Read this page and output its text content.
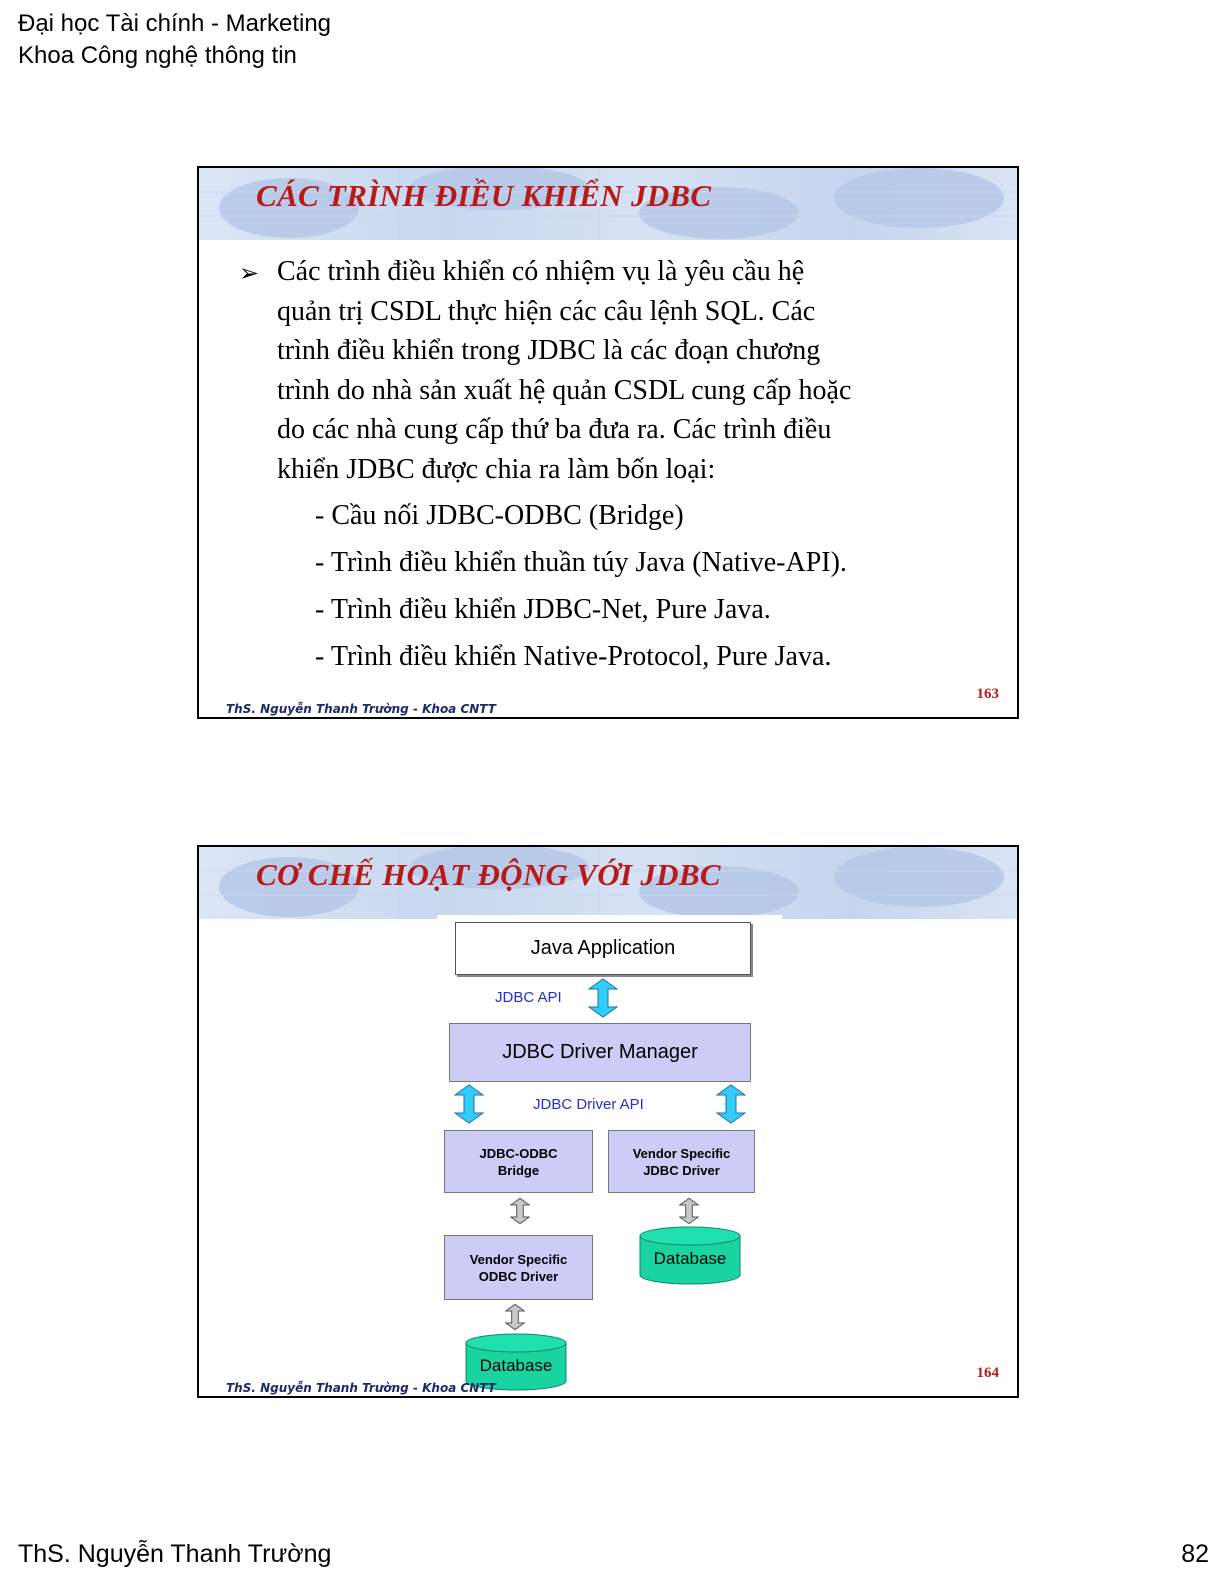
Đại học Tài chính - Marketing
Khoa Công nghệ thông tin
CÁC TRÌNH ĐIỀU KHIỂN JDBC
➢ Các trình điều khiển có nhiệm vụ là yêu cầu hệ
quản trị CSDL thực hiện các câu lệnh SQL. Các
trình điều khiển trong JDBC là các đoạn chương
trình do nhà sản xuất hệ quản CSDL cung cấp hoặc
do các nhà cung cấp thứ ba đưa ra. Các trình điều
khiển JDBC được chia ra làm bốn loại:
- Cầu nối JDBC-ODBC (Bridge)
- Trình điều khiển thuần túy Java (Native-API).
- Trình điều khiển JDBC-Net, Pure Java.
- Trình điều khiển Native-Protocol, Pure Java.
ThS. Nguyễn Thanh Trường - Khoa CNTT
163
CƠ CHẾ HOẠT ĐỘNG VỚI JDBC
Java Application
JDBC API
JDBC Driver Manager
JDBC Driver API
JDBC-ODBC
Bridge
Vendor Specific
JDBC Driver
Vendor Specific
ODBC Driver
Database
Database
ThS. Nguyễn Thanh Trường - Khoa CNTT
164
ThS. Nguyễn Thanh Trường	82
